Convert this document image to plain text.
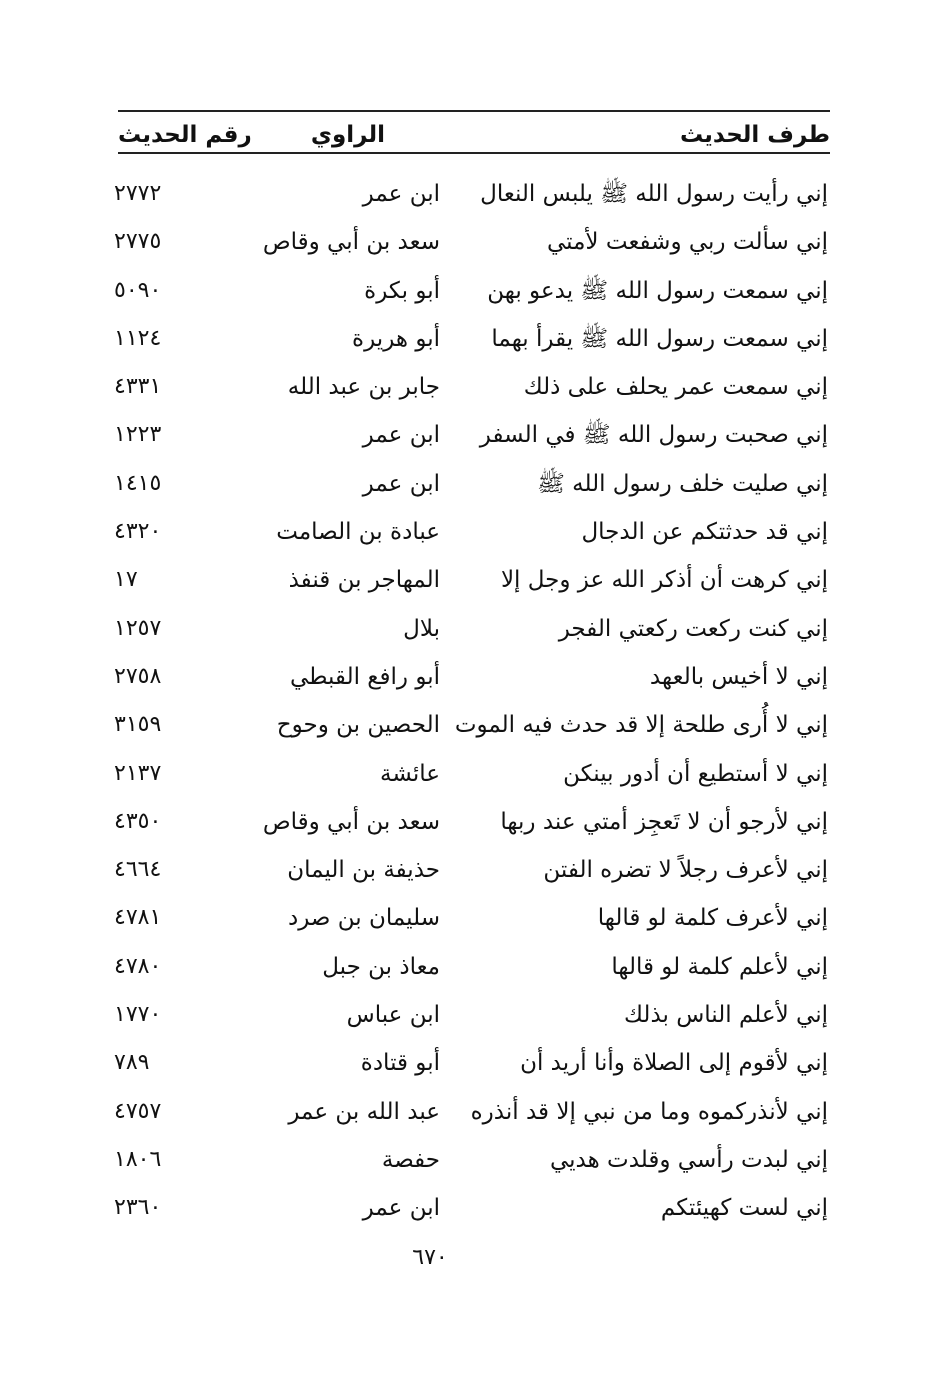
طرف الحديث
الراوي
رقم الحديث
إني رأيت رسول الله ﷺ يلبس النعال
ابن عمر
٢٧٧٢
إني سألت ربي وشفعت لأمتي
سعد بن أبي وقاص
٢٧٧٥
إني سمعت رسول الله ﷺ يدعو بهن
أبو بكرة
٥٠٩٠
إني سمعت رسول الله ﷺ يقرأ بهما
أبو هريرة
١١٢٤
إني سمعت عمر يحلف على ذلك
جابر بن عبد الله
٤٣٣١
إني صحبت رسول الله ﷺ في السفر
ابن عمر
١٢٢٣
إني صليت خلف رسول الله ﷺ
ابن عمر
١٤١٥
إني قد حدثتكم عن الدجال
عبادة بن الصامت
٤٣٢٠
إني كرهت أن أذكر الله عز وجل إلا
المهاجر بن قنفذ
١٧
إني كنت ركعت ركعتي الفجر
بلال
١٢٥٧
إني لا أخيس بالعهد
أبو رافع القبطي
٢٧٥٨
إني لا أُرى طلحة إلا قد حدث فيه الموت
الحصين بن وحوح
٣١٥٩
إني لا أستطيع أن أدور بينكن
عائشة
٢١٣٧
إني لأرجو أن لا تَعجِز أمتي عند ربها
سعد بن أبي وقاص
٤٣٥٠
إني لأعرف رجلاً لا تضره الفتن
حذيفة بن اليمان
٤٦٦٤
إني لأعرف كلمة لو قالها
سليمان بن صرد
٤٧٨١
إني لأعلم كلمة لو قالها
معاذ بن جبل
٤٧٨٠
إني لأعلم الناس بذلك
ابن عباس
١٧٧٠
إني لأقوم إلى الصلاة وأنا أريد أن
أبو قتادة
٧٨٩
إني لأنذركموه وما من نبي إلا قد أنذره
عبد الله بن عمر
٤٧٥٧
إني لبدت رأسي وقلدت هديي
حفصة
١٨٠٦
إني لست كهيئتكم
ابن عمر
٢٣٦٠
٦٧٠
